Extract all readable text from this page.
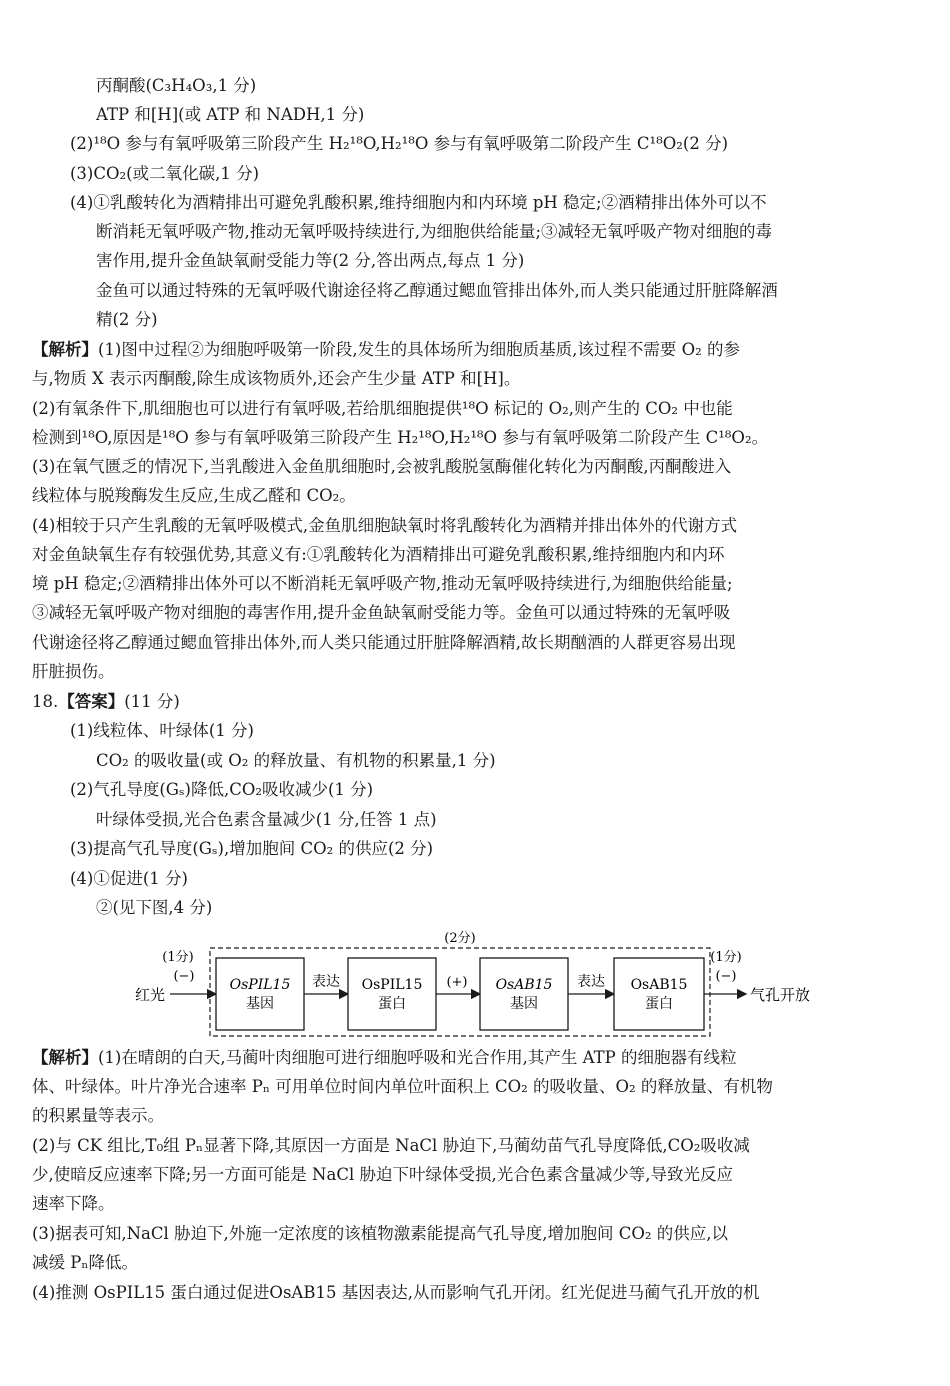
丙酮酸(C₃H₄O₃,1 分)
ATP 和[H](或 ATP 和 NADH,1 分)
(2)¹⁸O 参与有氧呼吸第三阶段产生 H₂¹⁸O,H₂¹⁸O 参与有氧呼吸第二阶段产生 C¹⁸O₂(2 分)
(3)CO₂(或二氧化碳,1 分)
(4)①乳酸转化为酒精排出可避免乳酸积累,维持细胞内和内环境 pH 稳定;②酒精排出体外可以不
断消耗无氧呼吸产物,推动无氧呼吸持续进行,为细胞供给能量;③减轻无氧呼吸产物对细胞的毒
害作用,提升金鱼缺氧耐受能力等(2 分,答出两点,每点 1 分)
金鱼可以通过特殊的无氧呼吸代谢途径将乙醇通过鳃血管排出体外,而人类只能通过肝脏降解酒
精(2 分)
【解析】(1)图中过程②为细胞呼吸第一阶段,发生的具体场所为细胞质基质,该过程不需要 O₂ 的参
与,物质 X 表示丙酮酸,除生成该物质外,还会产生少量 ATP 和[H]。
(2)有氧条件下,肌细胞也可以进行有氧呼吸,若给肌细胞提供¹⁸O 标记的 O₂,则产生的 CO₂ 中也能
检测到¹⁸O,原因是¹⁸O 参与有氧呼吸第三阶段产生 H₂¹⁸O,H₂¹⁸O 参与有氧呼吸第二阶段产生 C¹⁸O₂。
(3)在氧气匮乏的情况下,当乳酸进入金鱼肌细胞时,会被乳酸脱氢酶催化转化为丙酮酸,丙酮酸进入
线粒体与脱羧酶发生反应,生成乙醛和 CO₂。
(4)相较于只产生乳酸的无氧呼吸模式,金鱼肌细胞缺氧时将乳酸转化为酒精并排出体外的代谢方式
对金鱼缺氧生存有较强优势,其意义有:①乳酸转化为酒精排出可避免乳酸积累,维持细胞内和内环
境 pH 稳定;②酒精排出体外可以不断消耗无氧呼吸产物,推动无氧呼吸持续进行,为细胞供给能量;
③减轻无氧呼吸产物对细胞的毒害作用,提升金鱼缺氧耐受能力等。金鱼可以通过特殊的无氧呼吸
代谢途径将乙醇通过鳃血管排出体外,而人类只能通过肝脏降解酒精,故长期酗酒的人群更容易出现
肝脏损伤。
18.【答案】(11 分)
(1)线粒体、叶绿体(1 分)
CO₂ 的吸收量(或 O₂ 的释放量、有机物的积累量,1 分)
(2)气孔导度(Gₛ)降低,CO₂吸收减少(1 分)
叶绿体受损,光合色素含量减少(1 分,任答 1 点)
(3)提高气孔导度(Gₛ),增加胞间 CO₂ 的供应(2 分)
(4)①促进(1 分)
②(见下图,4 分)
(2分)
(1分)
(−)
红光
OsPIL15
基因
表达 OsPIL15
蛋白
(+) OsAB15
基因
表达 OsAB15
蛋白
(1分)
(−)
气孔开放
【解析】(1)在晴朗的白天,马蔺叶肉细胞可进行细胞呼吸和光合作用,其产生 ATP 的细胞器有线粒
体、叶绿体。叶片净光合速率 Pₙ 可用单位时间内单位叶面积上 CO₂ 的吸收量、O₂ 的释放量、有机物
的积累量等表示。
(2)与 CK 组比,T₀组 Pₙ显著下降,其原因一方面是 NaCl 胁迫下,马蔺幼苗气孔导度降低,CO₂吸收减
少,使暗反应速率下降;另一方面可能是 NaCl 胁迫下叶绿体受损,光合色素含量减少等,导致光反应
速率下降。
(3)据表可知,NaCl 胁迫下,外施一定浓度的该植物激素能提高气孔导度,增加胞间 CO₂ 的供应,以
减缓 Pₙ降低。
(4)推测 OsPIL15 蛋白通过促进OsAB15 基因表达,从而影响气孔开闭。红光促进马蔺气孔开放的机
